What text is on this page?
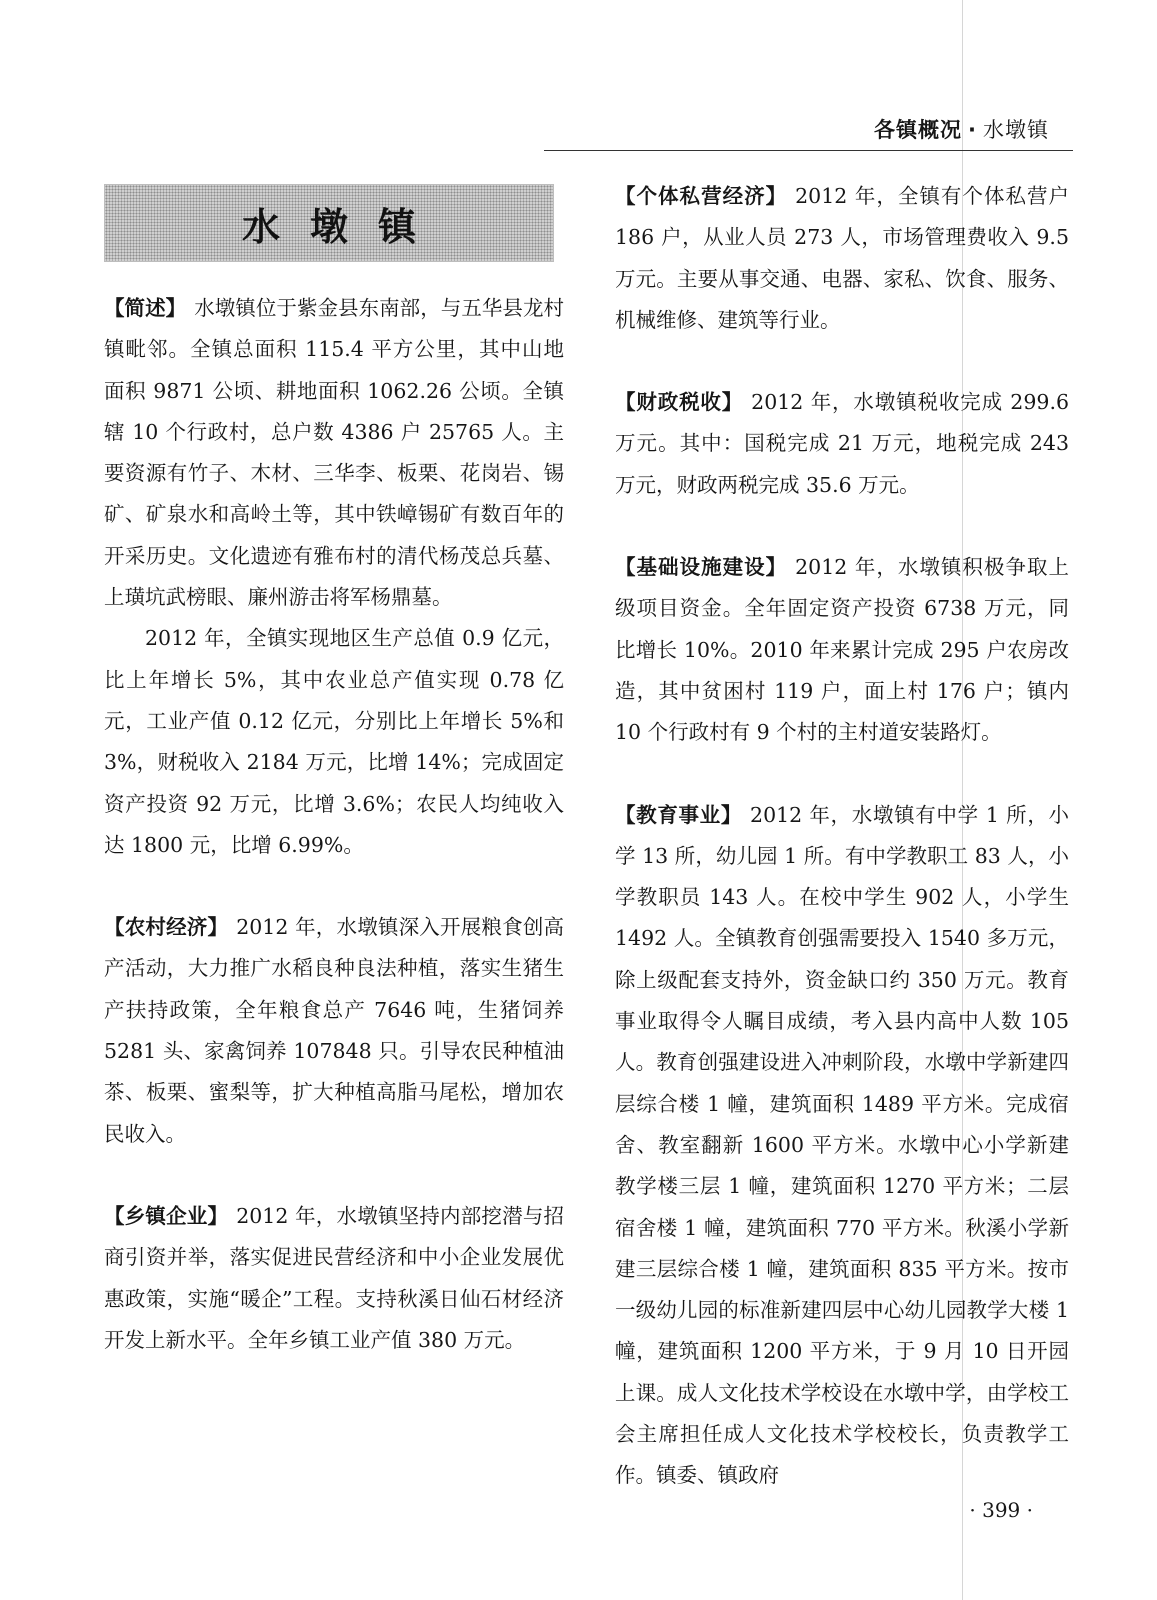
各镇概况 · 水墩镇
水墩镇

【简述】 水墩镇位于紫金县东南部，与五华县龙村镇毗邻。全镇总面积 115.4 平方公里，其中山地面积 9871 公顷、耕地面积 1062.26 公顷。全镇辖 10 个行政村，总户数 4386 户 25765 人。主要资源有竹子、木材、三华李、板栗、花岗岩、锡矿、矿泉水和高岭土等，其中铁嶂锡矿有数百年的开采历史。文化遗迹有雅布村的清代杨茂总兵墓、上璜坑武榜眼、廉州游击将军杨鼎墓。

2012 年，全镇实现地区生产总值 0.9 亿元，比上年增长 5%，其中农业总产值实现 0.78 亿元，工业产值 0.12 亿元，分别比上年增长 5%和 3%，财税收入 2184 万元，比增 14%；完成固定资产投资 92 万元，比增 3.6%；农民人均纯收入达 1800 元，比增 6.99%。

【农村经济】 2012 年，水墩镇深入开展粮食创高产活动，大力推广水稻良种良法种植，落实生猪生产扶持政策，全年粮食总产 7646 吨，生猪饲养 5281 头、家禽饲养 107848 只。引导农民种植油茶、板栗、蜜梨等，扩大种植高脂马尾松，增加农民收入。

【乡镇企业】 2012 年，水墩镇坚持内部挖潜与招商引资并举，落实促进民营经济和中小企业发展优惠政策，实施“暖企”工程。支持秋溪日仙石材经济开发上新水平。全年乡镇工业产值 380 万元。

【个体私营经济】 2012 年，全镇有个体私营户 186 户，从业人员 273 人，市场管理费收入 9.5 万元。主要从事交通、电器、家私、饮食、服务、机械维修、建筑等行业。

【财政税收】 2012 年，水墩镇税收完成 299.6 万元。其中：国税完成 21 万元，地税完成 243 万元，财政两税完成 35.6 万元。

【基础设施建设】 2012 年，水墩镇积极争取上级项目资金。全年固定资产投资 6738 万元，同比增长 10%。2010 年来累计完成 295 户农房改造，其中贫困村 119 户，面上村 176 户；镇内 10 个行政村有 9 个村的主村道安装路灯。

【教育事业】 2012 年，水墩镇有中学 1 所，小学 13 所，幼儿园 1 所。有中学教职工 83 人，小学教职员 143 人。在校中学生 902 人，小学生 1492 人。全镇教育创强需要投入 1540 多万元，除上级配套支持外，资金缺口约 350 万元。教育事业取得令人瞩目成绩，考入县内高中人数 105 人。教育创强建设进入冲刺阶段，水墩中学新建四层综合楼 1 幢，建筑面积 1489 平方米。完成宿舍、教室翻新 1600 平方米。水墩中心小学新建教学楼三层 1 幢，建筑面积 1270 平方米；二层宿舍楼 1 幢，建筑面积 770 平方米。秋溪小学新建三层综合楼 1 幢，建筑面积 835 平方米。按市一级幼儿园的标准新建四层中心幼儿园教学大楼 1 幢，建筑面积 1200 平方米，于 9 月 10 日开园上课。成人文化技术学校设在水墩中学，由学校工会主席担任成人文化技术学校校长，负责教学工作。镇委、镇政府

· 399 ·
